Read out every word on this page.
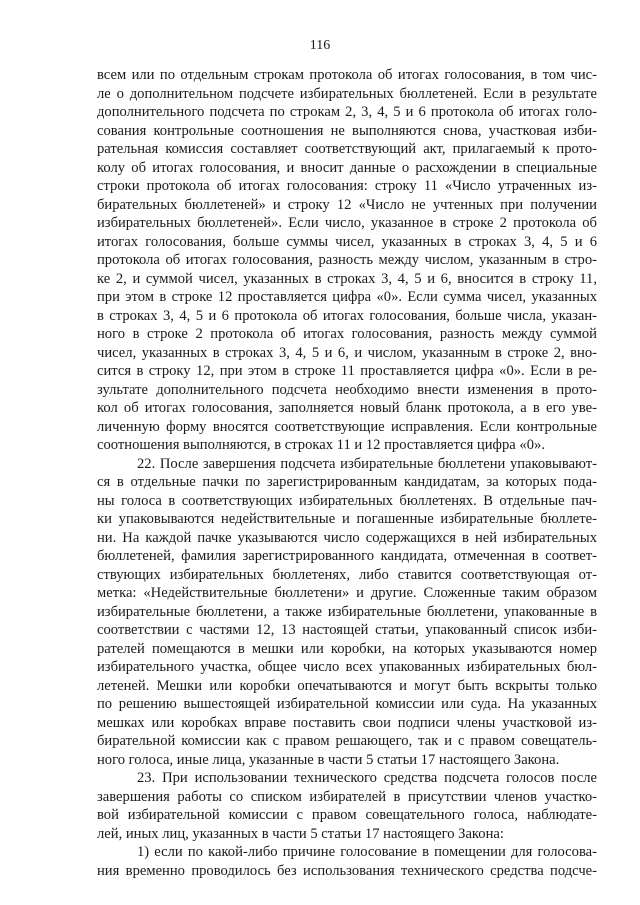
116
всем или по отдельным строкам протокола об итогах голосования, в том чис-
ле о дополнительном подсчете избирательных бюллетеней. Если в результате
дополнительного подсчета по строкам 2, 3, 4, 5 и 6 протокола об итогах голо-
сования контрольные соотношения не выполняются снова, участковая изби-
рательная комиссия составляет соответствующий акт, прилагаемый к прото-
колу об итогах голосования, и вносит данные о расхождении в специальные
строки протокола об итогах голосования: строку 11 «Число утраченных из-
бирательных бюллетеней» и строку 12 «Число не учтенных при получении
избирательных бюллетеней». Если число, указанное в строке 2 протокола об
итогах голосования, больше суммы чисел, указанных в строках 3, 4, 5 и 6
протокола об итогах голосования, разность между числом, указанным в стро-
ке 2, и суммой чисел, указанных в строках 3, 4, 5 и 6, вносится в строку 11,
при этом в строке 12 проставляется цифра «0». Если сумма чисел, указанных
в строках 3, 4, 5 и 6 протокола об итогах голосования, больше числа, указан-
ного в строке 2 протокола об итогах голосования, разность между суммой
чисел, указанных в строках 3, 4, 5 и 6, и числом, указанным в строке 2, вно-
сится в строку 12, при этом в строке 11 проставляется цифра «0». Если в ре-
зультате дополнительного подсчета необходимо внести изменения в прото-
кол об итогах голосования, заполняется новый бланк протокола, а в его уве-
личенную форму вносятся соответствующие исправления. Если контрольные
соотношения выполняются, в строках 11 и 12 проставляется цифра «0».
22. После завершения подсчета избирательные бюллетени упаковывают-
ся в отдельные пачки по зарегистрированным кандидатам, за которых пода-
ны голоса в соответствующих избирательных бюллетенях. В отдельные пач-
ки упаковываются недействительные и погашенные избирательные бюллете-
ни. На каждой пачке указываются число содержащихся в ней избирательных
бюллетеней, фамилия зарегистрированного кандидата, отмеченная в соответ-
ствующих избирательных бюллетенях, либо ставится соответствующая от-
метка: «Недействительные бюллетени» и другие. Сложенные таким образом
избирательные бюллетени, а также избирательные бюллетени, упакованные в
соответствии с частями 12, 13 настоящей статьи, упакованный список изби-
рателей помещаются в мешки или коробки, на которых указываются номер
избирательного участка, общее число всех упакованных избирательных бюл-
летеней. Мешки или коробки опечатываются и могут быть вскрыты только
по решению вышестоящей избирательной комиссии или суда. На указанных
мешках или коробках вправе поставить свои подписи члены участковой из-
бирательной комиссии как с правом решающего, так и с правом совещатель-
ного голоса, иные лица, указанные в части 5 статьи 17 настоящего Закона.
23. При использовании технического средства подсчета голосов после
завершения работы со списком избирателей в присутствии членов участко-
вой избирательной комиссии с правом совещательного голоса, наблюдате-
лей, иных лиц, указанных в части 5 статьи 17 настоящего Закона:
1) если по какой-либо причине голосование в помещении для голосова-
ния временно проводилось без использования технического средства подсче-
